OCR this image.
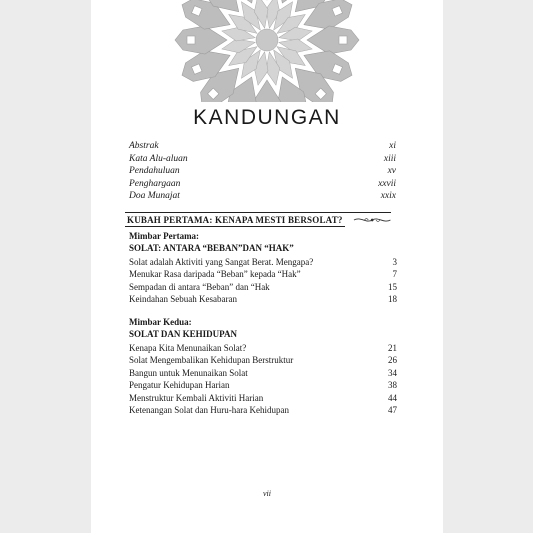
KANDUNGAN
Abstrak	xi
Kata Alu-aluan	xiii
Pendahuluan	xv
Penghargaan	xxvii
Doa Munajat	xxix
KUBAH PERTAMA: KENAPA MESTI BERSOLAT?
Mimbar Pertama:
SOLAT: ANTARA “BEBAN”DAN “HAK”
Solat adalah Aktiviti yang Sangat Berat. Mengapa?	3
Menukar Rasa daripada “Beban” kepada “Hak”	7
Sempadan di antara “Beban” dan “Hak	15
Keindahan Sebuah Kesabaran	18
Mimbar Kedua:
SOLAT DAN KEHIDUPAN
Kenapa Kita Menunaikan Solat?	21
Solat Mengembalikan Kehidupan Berstruktur	26
Bangun untuk Menunaikan Solat	34
Pengatur Kehidupan Harian	38
Menstruktur Kembali Aktiviti Harian	44
Ketenangan Solat dan Huru-hara Kehidupan	47
vii
